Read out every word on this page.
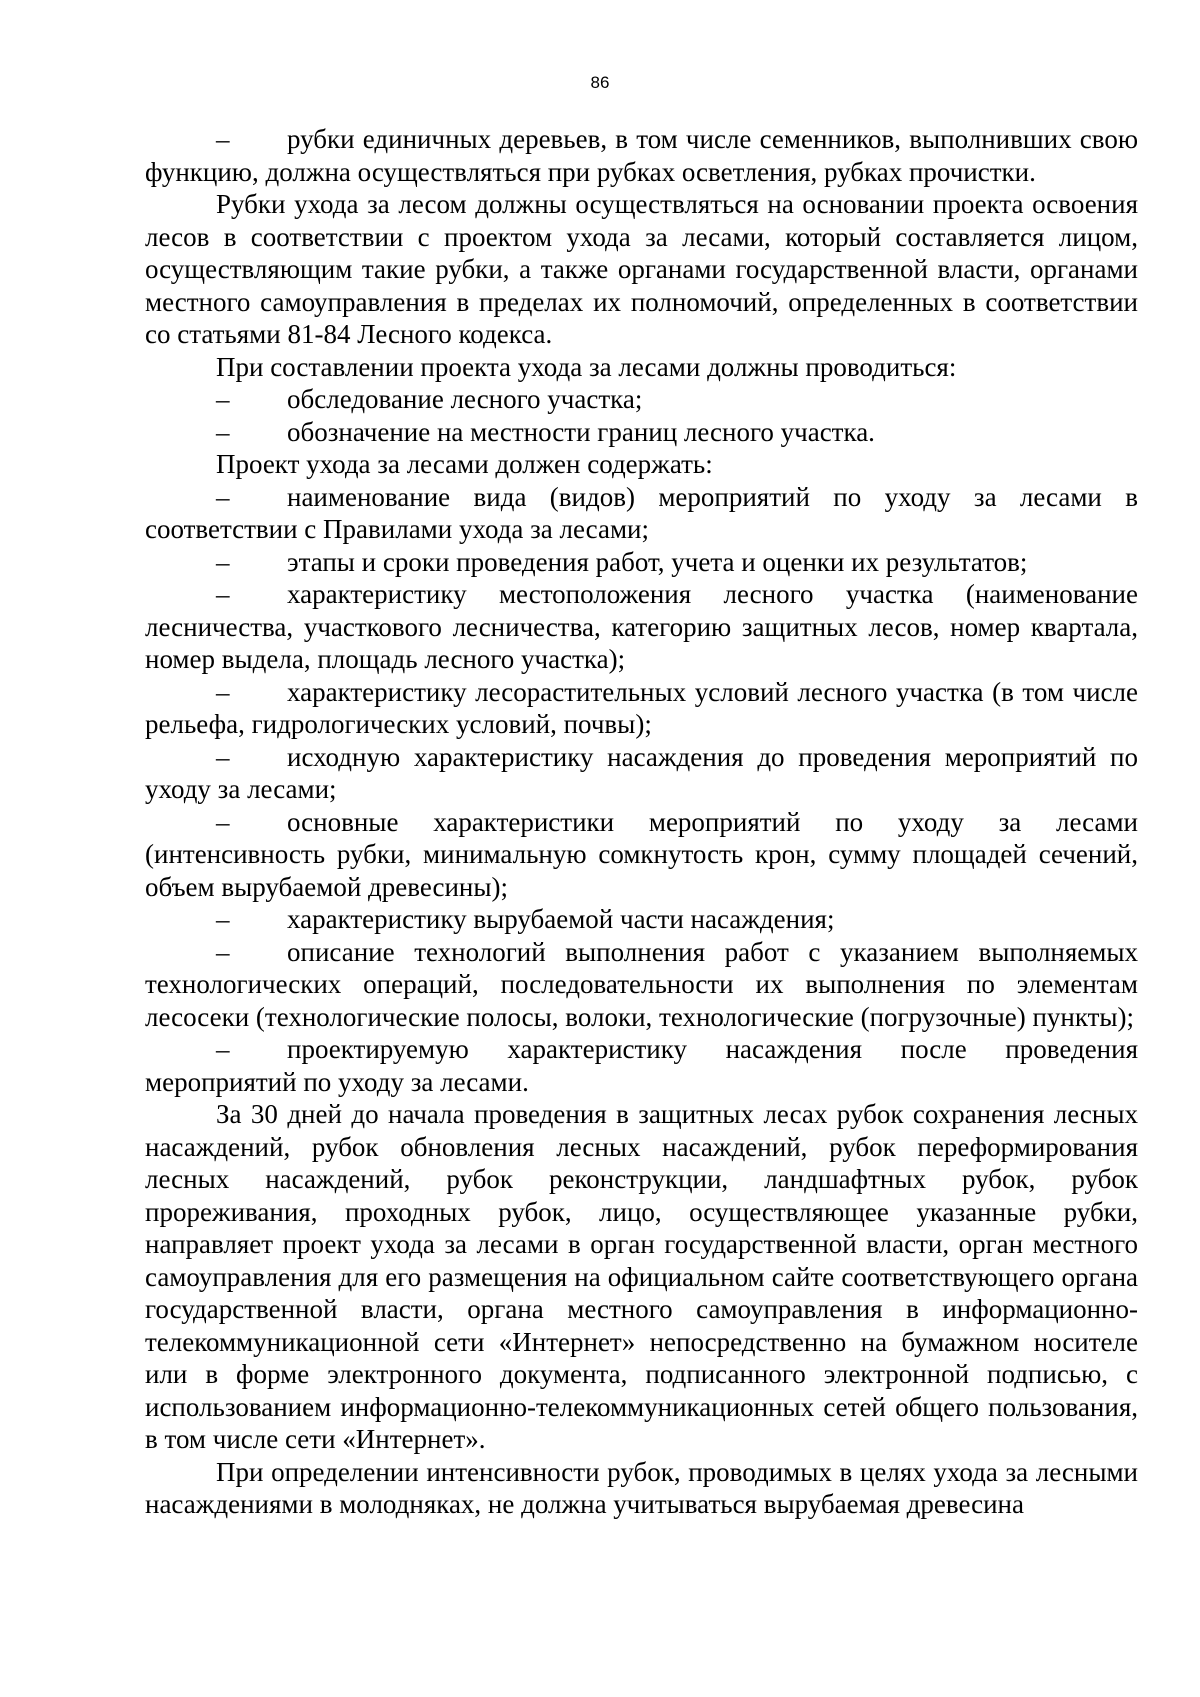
86

– рубки единичных деревьев, в том числе семенников, выполнивших свою функцию, должна осуществляться при рубках осветления, рубках прочистки.

Рубки ухода за лесом должны осуществляться на основании проекта освоения лесов в соответствии с проектом ухода за лесами, который составляется лицом, осуществляющим такие рубки, а также органами государственной власти, органами местного самоуправления в пределах их полномочий, определенных в соответствии со статьями 81-84 Лесного кодекса.

При составлении проекта ухода за лесами должны проводиться:

– обследование лесного участка;

– обозначение на местности границ лесного участка.

Проект ухода за лесами должен содержать:

– наименование вида (видов) мероприятий по уходу за лесами в соответствии с Правилами ухода за лесами;

– этапы и сроки проведения работ, учета и оценки их результатов;

– характеристику местоположения лесного участка (наименование лесничества, участкового лесничества, категорию защитных лесов, номер квартала, номер выдела, площадь лесного участка);

– характеристику лесорастительных условий лесного участка (в том числе рельефа, гидрологических условий, почвы);

– исходную характеристику насаждения до проведения мероприятий по уходу за лесами;

– основные характеристики мероприятий по уходу за лесами (интенсивность рубки, минимальную сомкнутость крон, сумму площадей сечений, объем вырубаемой древесины);

– характеристику вырубаемой части насаждения;

– описание технологий выполнения работ с указанием выполняемых технологических операций, последовательности их выполнения по элементам лесосеки (технологические полосы, волоки, технологические (погрузочные) пункты);

– проектируемую характеристику насаждения после проведения мероприятий по уходу за лесами.

За 30 дней до начала проведения в защитных лесах рубок сохранения лесных насаждений, рубок обновления лесных насаждений, рубок переформирования лесных насаждений, рубок реконструкции, ландшафтных рубок, рубок прореживания, проходных рубок, лицо, осуществляющее указанные рубки, направляет проект ухода за лесами в орган государственной власти, орган местного самоуправления для его размещения на официальном сайте соответствующего органа государственной власти, органа местного самоуправления в информационно-телекоммуникационной сети «Интернет» непосредственно на бумажном носителе или в форме электронного документа, подписанного электронной подписью, с использованием информационно-телекоммуникационных сетей общего пользования, в том числе сети «Интернет».

При определении интенсивности рубок, проводимых в целях ухода за лесными насаждениями в молодняках, не должна учитываться вырубаемая древесина
